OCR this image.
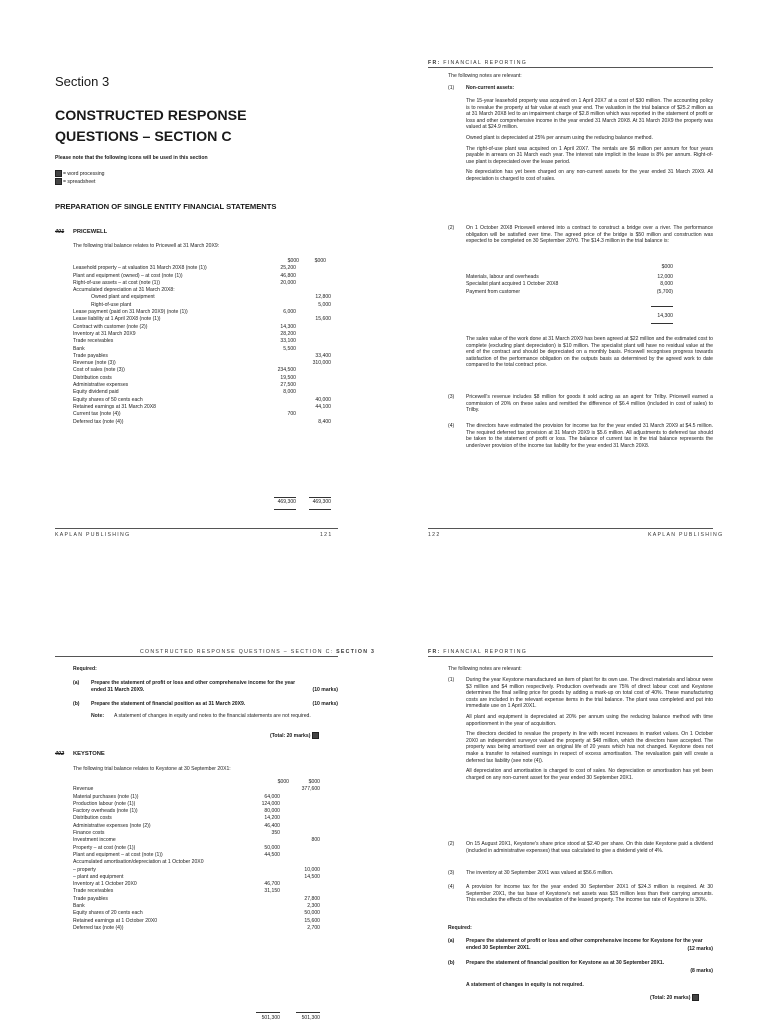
Section 3
CONSTRUCTED RESPONSE
QUESTIONS – SECTION C
Please note that the following icons will be used in this section
= word processing
= spreadsheet
PREPARATION OF SINGLE ENTITY FINANCIAL STATEMENTS
401 PRICEWELL
The following trial balance relates to Pricewell at 31 March 20X9:
$000	$000
Leasehold property – at valuation 31 March 20X8 (note (1))	25,200
Plant and equipment (owned) – at cost (note (1))	46,800
Right-of-use assets – at cost (note (1))	20,000
Accumulated depreciation at 31 March 20X8:
Owned plant and equipment	12,800
Right-of-use plant	5,000
Lease payment (paid on 31 March 20X9) (note (1))	6,000
Lease liability at 1 April 20X8 (note (1))	15,600
Contract with customer (note (2))	14,300
Inventory at 31 March 20X9	28,200
Trade receivables	33,100
Bank	5,500
Trade payables	33,400
Revenue (note (3))	310,000
Cost of sales (note (3))	234,500
Distribution costs	19,500
Administrative expenses	27,500
Equity dividend paid	8,000
Equity shares of 50 cents each	40,000
Retained earnings at 31 March 20X8	44,100
Current tax (note (4))	700
Deferred tax (note (4))	8,400
469,300	469,300
KAPLAN PUBLISHING	121
FR: FINANCIAL REPORTING
The following notes are relevant:
(1) Non-current assets:

The 15-year leasehold property was acquired on 1 April 20X7 at a cost of $30 million. The accounting policy is to revalue the property at fair value at each year end. The valuation in the trial balance of $25.2 million as at 31 March 20X8 led to an impairment charge of $2.8 million which was reported in the statement of profit or loss and other comprehensive income in the year ended 31 March 20X8. At 31 March 20X9 the property was valued at $24.9 million.

Owned plant is depreciated at 25% per annum using the reducing balance method.

The right-of-use plant was acquired on 1 April 20X7. The rentals are $6 million per annum for four years payable in arrears on 31 March each year. The interest rate implicit in the lease is 8% per annum. Right-of-use plant is depreciated over the lease period.

No depreciation has yet been charged on any non-current assets for the year ended 31 March 20X9. All depreciation is charged to cost of sales.

(2) On 1 October 20X8 Pricewell entered into a contract to construct a bridge over a river. The performance obligation will be satisfied over time. The agreed price of the bridge is $50 million and construction was expected to be completed on 30 September 20Y0. The $14.3 million in the trial balance is:
$000
Materials, labour and overheads	12,000
Specialist plant acquired 1 October 20X8	8,000
Payment from customer	(5,700)
14,300
The sales value of the work done at 31 March 20X9 has been agreed at $22 million and the estimated cost to complete (excluding plant depreciation) is $10 million. The specialist plant will have no residual value at the end of the contract and should be depreciated on a monthly basis. Pricewell recognises progress towards satisfaction of the performance obligation on the outputs basis as determined by the agreed work to date compared to the total contract price.
(3) Pricewell's revenue includes $8 million for goods it sold acting as an agent for Trilby. Pricewell earned a commission of 20% on these sales and remitted the difference of $6.4 million (included in cost of sales) to Trilby.
(4) The directors have estimated the provision for income tax for the year ended 31 March 20X9 at $4.5 million. The required deferred tax provision at 31 March 20X9 is $5.6 million. All adjustments to deferred tax should be taken to the statement of profit or loss. The balance of current tax in the trial balance represents the under/over provision of the income tax liability for the year ended 31 March 20X8.
122	KAPLAN PUBLISHING
CONSTRUCTED RESPONSE QUESTIONS – SECTION C: SECTION 3
Required:
(a) Prepare the statement of profit or loss and other comprehensive income for the year ended 31 March 20X9.	(10 marks)
(b) Prepare the statement of financial position as at 31 March 20X9.	(10 marks)
Note: A statement of changes in equity and notes to the financial statements are not required.
(Total: 20 marks)
402 KEYSTONE
The following trial balance relates to Keystone at 30 September 20X1:
$000	$000
Revenue	377,600
Material purchases (note (1))	64,000
Production labour (note (1))	124,000
Factory overheads (note (1))	80,000
Distribution costs	14,200
Administrative expenses (note (2))	46,400
Finance costs	350
Investment income	800
Property – at cost (note (1))	50,000
Plant and equipment – at cost (note (1))	44,500
Accumulated amortisation/depreciation at 1 October 20X0
– property	10,000
– plant and equipment	14,500
Inventory at 1 October 20X0	46,700
Trade receivables	31,150
Trade payables	27,800
Bank	2,300
Equity shares of 20 cents each	50,000
Retained earnings at 1 October 20X0	15,600
Deferred tax (note (4))	2,700
501,300	501,300
FR: FINANCIAL REPORTING
The following notes are relevant:
(1) During the year Keystone manufactured an item of plant for its own use. The direct materials and labour were $3 million and $4 million respectively. Production overheads are 75% of direct labour cost and Keystone determines the final selling price for goods by adding a mark-up on total cost of 40%. These manufacturing costs are included in the relevant expense items in the trial balance. The plant was completed and put into immediate use on 1 April 20X1.

All plant and equipment is depreciated at 20% per annum using the reducing balance method with time apportionment in the year of acquisition.

The directors decided to revalue the property in line with recent increases in market values. On 1 October 20X0 an independent surveyor valued the property at $48 million, which the directors have accepted. The property was being amortised over an original life of 20 years which has not changed. Keystone does not make a transfer to retained earnings in respect of excess amortisation. The revaluation gain will create a deferred tax liability (see note (4)).

All depreciation and amortisation is charged to cost of sales. No depreciation or amortisation has yet been charged on any non-current asset for the year ended 30 September 20X1.

(2) On 15 August 20X1, Keystone's share price stood at $2.40 per share. On this date Keystone paid a dividend (included in administrative expenses) that was calculated to give a dividend yield of 4%.
(3) The inventory at 30 September 20X1 was valued at $56.6 million.
(4) A provision for income tax for the year ended 30 September 20X1 of $24.3 million is required. At 30 September 20X1, the tax base of Keystone's net assets was $15 million less than their carrying amounts. This excludes the effects of the revaluation of the leased property. The income tax rate of Keystone is 30%.
Required:
(a) Prepare the statement of profit or loss and other comprehensive income for Keystone for the year ended 30 September 20X1.	(12 marks)
(b) Prepare the statement of financial position for Keystone as at 30 September 20X1.
(8 marks)
A statement of changes in equity is not required.
(Total: 20 marks)
